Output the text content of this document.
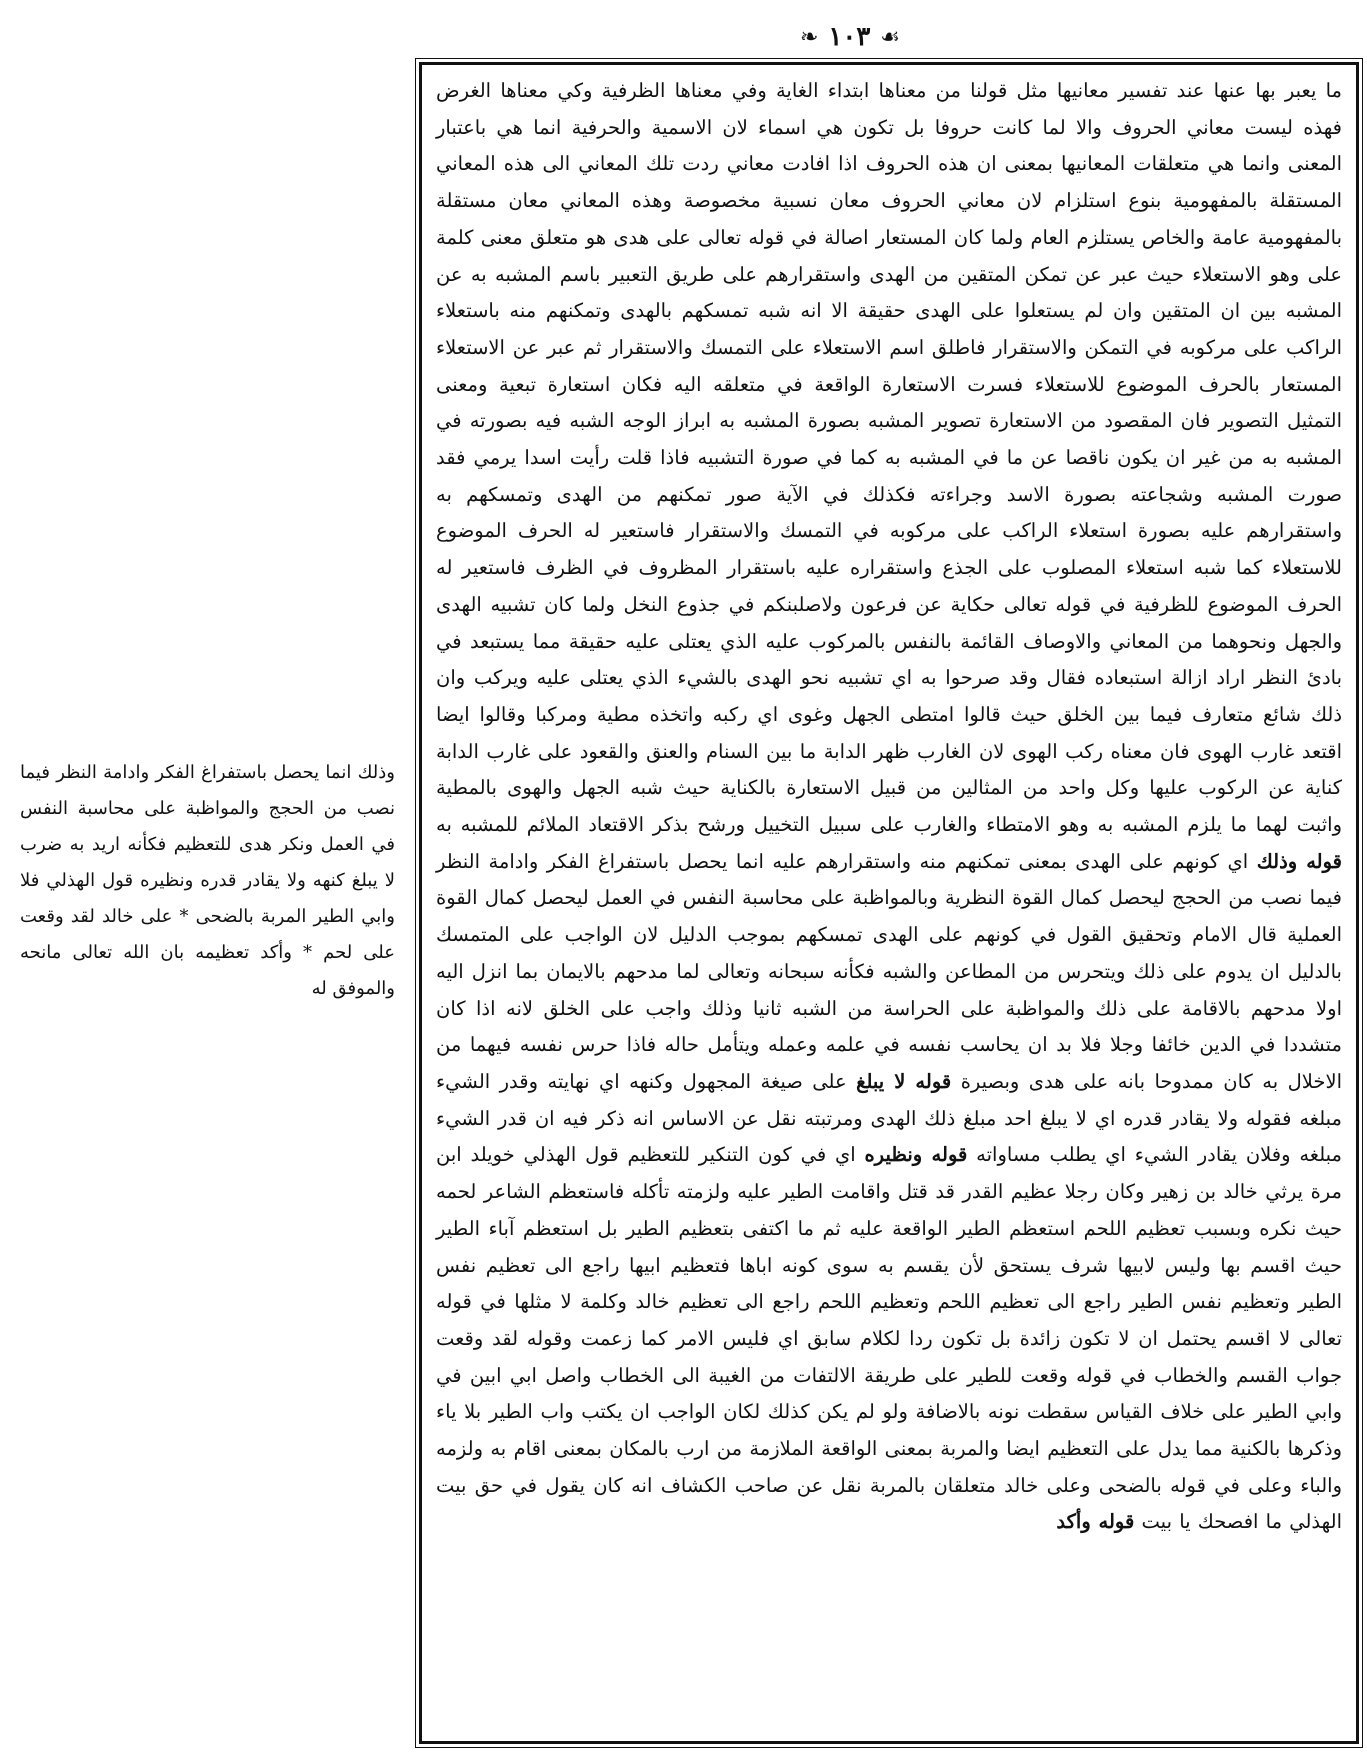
❧ ١٠٣ ☙

ما يعبر بها عنها عند تفسير معانيها مثل قولنا من معناها ابتداء الغاية وفي معناها الظرفية وكي معناها الغرض فهذه ليست معاني الحروف والا لما كانت حروفا بل تكون هي اسماء لان الاسمية والحرفية انما هي باعتبار المعنى وانما هي متعلقات المعانيها بمعنى ان هذه الحروف اذا افادت معاني ردت تلك المعاني الى هذه المعاني المستقلة بالمفهومية بنوع استلزام لان معاني الحروف معان نسبية مخصوصة وهذه المعاني معان مستقلة بالمفهومية عامة والخاص يستلزم العام ولما كان المستعار اصالة في قوله تعالى على هدى هو متعلق معنى كلمة على وهو الاستعلاء حيث عبر عن تمكن المتقين من الهدى واستقرارهم على طريق التعبير باسم المشبه به عن المشبه بين ان المتقين وان لم يستعلوا على الهدى حقيقة الا انه شبه تمسكهم بالهدى وتمكنهم منه باستعلاء الراكب على مركوبه في التمكن والاستقرار فاطلق اسم الاستعلاء على التمسك والاستقرار ثم عبر عن الاستعلاء المستعار بالحرف الموضوع للاستعلاء فسرت الاستعارة الواقعة في متعلقه اليه فكان استعارة تبعية ومعنى التمثيل التصوير فان المقصود من الاستعارة تصوير المشبه بصورة المشبه به ابراز الوجه الشبه فيه بصورته في المشبه به من غير ان يكون ناقصا عن ما في المشبه به كما في صورة التشبيه فاذا قلت رأيت اسدا يرمي فقد صورت المشبه وشجاعته بصورة الاسد وجراءته فكذلك في الآية صور تمكنهم من الهدى وتمسكهم به واستقرارهم عليه بصورة استعلاء الراكب على مركوبه في التمسك والاستقرار فاستعير له الحرف الموضوع للاستعلاء كما شبه استعلاء المصلوب على الجذع واستقراره عليه باستقرار المظروف في الظرف فاستعير له الحرف الموضوع للظرفية في قوله تعالى حكاية عن فرعون ولاصلبنكم في جذوع النخل ولما كان تشبيه الهدى والجهل ونحوهما من المعاني والاوصاف القائمة بالنفس بالمركوب عليه الذي يعتلى عليه حقيقة مما يستبعد في بادئ النظر اراد ازالة استبعاده فقال وقد صرحوا به اي تشبيه نحو الهدى بالشيء الذي يعتلى عليه ويركب وان ذلك شائع متعارف فيما بين الخلق حيث قالوا امتطى الجهل وغوى اي ركبه واتخذه مطية ومركبا وقالوا ايضا اقتعد غارب الهوى فان معناه ركب الهوى لان الغارب ظهر الدابة ما بين السنام والعنق والقعود على غارب الدابة كناية عن الركوب عليها وكل واحد من المثالين من قبيل الاستعارة بالكناية حيث شبه الجهل والهوى بالمطية واثبت لهما ما يلزم المشبه به وهو الامتطاء والغارب على سبيل التخييل ورشح بذكر الاقتعاد الملائم للمشبه به قوله وذلك اي كونهم على الهدى بمعنى تمكنهم منه واستقرارهم عليه انما يحصل باستفراغ الفكر وادامة النظر فيما نصب من الحجج ليحصل كمال القوة النظرية وبالمواظبة على محاسبة النفس في العمل ليحصل كمال القوة العملية قال الامام وتحقيق القول في كونهم على الهدى تمسكهم بموجب الدليل لان الواجب على المتمسك بالدليل ان يدوم على ذلك ويتحرس من المطاعن والشبه فكأنه سبحانه وتعالى لما مدحهم بالايمان بما انزل اليه اولا مدحهم بالاقامة على ذلك والمواظبة على الحراسة من الشبه ثانيا وذلك واجب على الخلق لانه اذا كان متشددا في الدين خائفا وجلا فلا بد ان يحاسب نفسه في علمه وعمله ويتأمل حاله فاذا حرس نفسه فيهما من الاخلال به كان ممدوحا بانه على هدى وبصيرة قوله لا يبلغ على صيغة المجهول وكنهه اي نهايته وقدر الشيء مبلغه فقوله ولا يقادر قدره اي لا يبلغ احد مبلغ ذلك الهدى ومرتبته نقل عن الاساس انه ذكر فيه ان قدر الشيء مبلغه وفلان يقادر الشيء اي يطلب مساواته قوله ونظيره اي في كون التنكير للتعظيم قول الهذلي خويلد ابن مرة يرثي خالد بن زهير وكان رجلا عظيم القدر قد قتل واقامت الطير عليه ولزمته تأكله فاستعظم الشاعر لحمه حيث نكره وبسبب تعظيم اللحم استعظم الطير الواقعة عليه ثم ما اكتفى بتعظيم الطير بل استعظم آباء الطير حيث اقسم بها وليس لابيها شرف يستحق لأن يقسم به سوى كونه اباها فتعظيم ابيها راجع الى تعظيم نفس الطير وتعظيم نفس الطير راجع الى تعظيم اللحم وتعظيم اللحم راجع الى تعظيم خالد وكلمة لا مثلها في قوله تعالى لا اقسم يحتمل ان لا تكون زائدة بل تكون ردا لكلام سابق اي فليس الامر كما زعمت وقوله لقد وقعت جواب القسم والخطاب في قوله وقعت للطير على طريقة الالتفات من الغيبة الى الخطاب واصل ابي ابين في وابي الطير على خلاف القياس سقطت نونه بالاضافة ولو لم يكن كذلك لكان الواجب ان يكتب واب الطير بلا ياء وذكرها بالكنية مما يدل على التعظيم ايضا والمربة بمعنى الواقعة الملازمة من ارب بالمكان بمعنى اقام به ولزمه والباء وعلى في قوله بالضحى وعلى خالد متعلقان بالمربة نقل عن صاحب الكشاف انه كان يقول في حق بيت الهذلي ما افصحك يا بيت قوله وأكد

وذلك انما يحصل باستفراغ الفكر وادامة النظر فيما نصب من الحجج والمواظبة على محاسبة النفس في العمل ونكر هدى للتعظيم فكأنه اريد به ضرب لا يبلغ كنهه ولا يقادر قدره ونظيره قول الهذلي فلا وابي الطير المربة بالضحى * على خالد لقد وقعت على لحم * وأكد تعظيمه بان الله تعالى مانحه والموفق له
